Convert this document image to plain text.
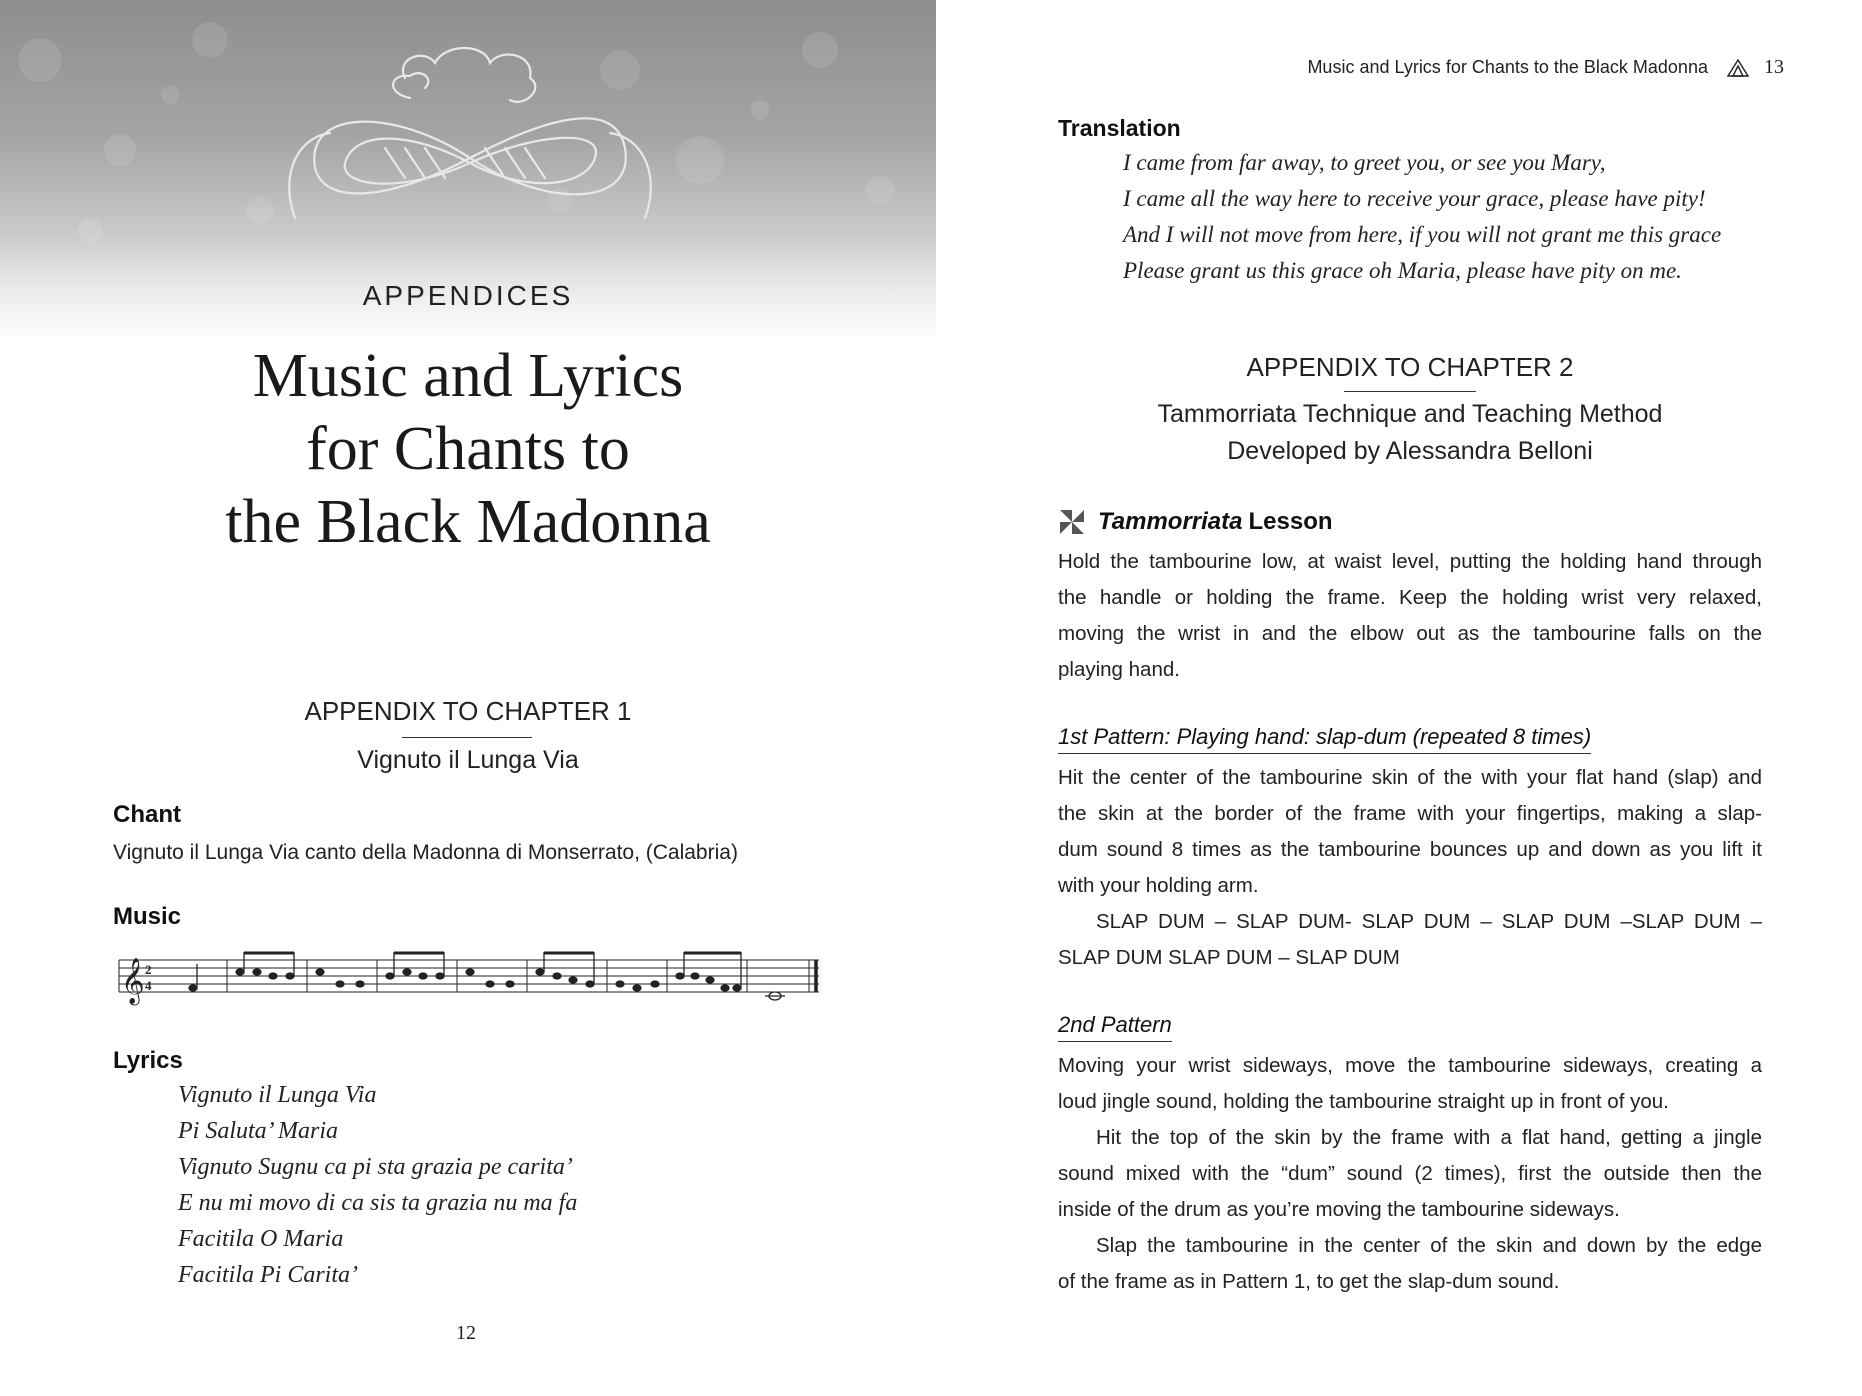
APPENDICES
Music and Lyrics
for Chants to
the Black Madonna
APPENDIX TO CHAPTER 1
Vignuto il Lunga Via
Chant
Vignuto il Lunga Via canto della Madonna di Monserrato, (Calabria)
Music
𝄞 2
4
Lyrics
Vignuto il Lunga Via
Pi Saluta’ Maria
Vignuto Sugnu ca pi sta grazia pe carita’
E nu mi movo di ca sis ta grazia nu ma fa
Facitila O Maria
Facitila Pi Carita’
12
Music and Lyrics for Chants to the Black Madonna	13
Translation
I came from far away, to greet you, or see you Mary,
I came all the way here to receive your grace, please have pity!
And I will not move from here, if you will not grant me this grace
Please grant us this grace oh Maria, please have pity on me.
APPENDIX TO CHAPTER 2
Tammorriata Technique and Teaching Method
Developed by Alessandra Belloni
Tammorriata Lesson
Hold the tambourine low, at waist level, putting the holding hand through
the handle or holding the frame. Keep the holding wrist very relaxed,
moving the wrist in and the elbow out as the tambourine falls on the
playing hand.
1st Pattern: Playing hand: slap-dum (repeated 8 times)
Hit the center of the tambourine skin of the with your flat hand (slap) and
the skin at the border of the frame with your fingertips, making a slap-
dum sound 8 times as the tambourine bounces up and down as you lift it
with your holding arm.
SLAP DUM – SLAP DUM- SLAP DUM – SLAP DUM –SLAP DUM –
SLAP DUM SLAP DUM – SLAP DUM
2nd Pattern
Moving your wrist sideways, move the tambourine sideways, creating a
loud jingle sound, holding the tambourine straight up in front of you.
Hit the top of the skin by the frame with a flat hand, getting a jingle
sound mixed with the “dum” sound (2 times), first the outside then the
inside of the drum as you’re moving the tambourine sideways.
Slap the tambourine in the center of the skin and down by the edge
of the frame as in Pattern 1, to get the slap-dum sound.
